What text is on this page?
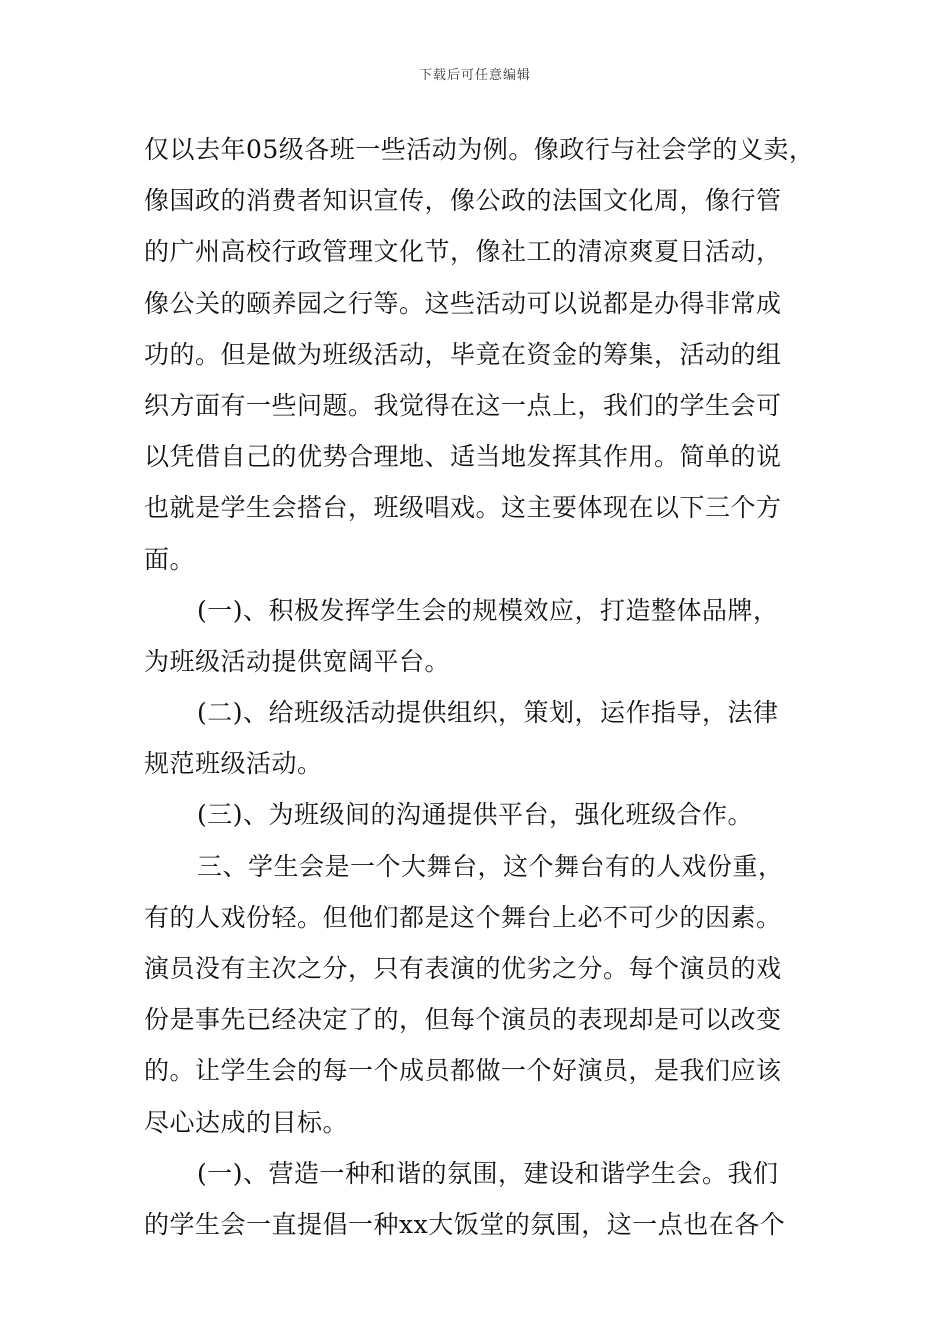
下载后可任意编辑
仅以去年05级各班一些活动为例。像政行与社会学的义卖，
像国政的消费者知识宣传，像公政的法国文化周，像行管
的广州高校行政管理文化节，像社工的清凉爽夏日活动，
像公关的颐养园之行等。这些活动可以说都是办得非常成
功的。但是做为班级活动，毕竟在资金的筹集，活动的组
织方面有一些问题。我觉得在这一点上，我们的学生会可
以凭借自己的优势合理地、适当地发挥其作用。简单的说
也就是学生会搭台，班级唱戏。这主要体现在以下三个方
面。
(一)、积极发挥学生会的规模效应，打造整体品牌，
为班级活动提供宽阔平台。
(二)、给班级活动提供组织，策划，运作指导，法律
规范班级活动。
(三)、为班级间的沟通提供平台，强化班级合作。
三、学生会是一个大舞台，这个舞台有的人戏份重，
有的人戏份轻。但他们都是这个舞台上必不可少的因素。
演员没有主次之分，只有表演的优劣之分。每个演员的戏
份是事先已经决定了的，但每个演员的表现却是可以改变
的。让学生会的每一个成员都做一个好演员，是我们应该
尽心达成的目标。
(一)、营造一种和谐的氛围，建设和谐学生会。我们
的学生会一直提倡一种xx大饭堂的氛围，这一点也在各个
